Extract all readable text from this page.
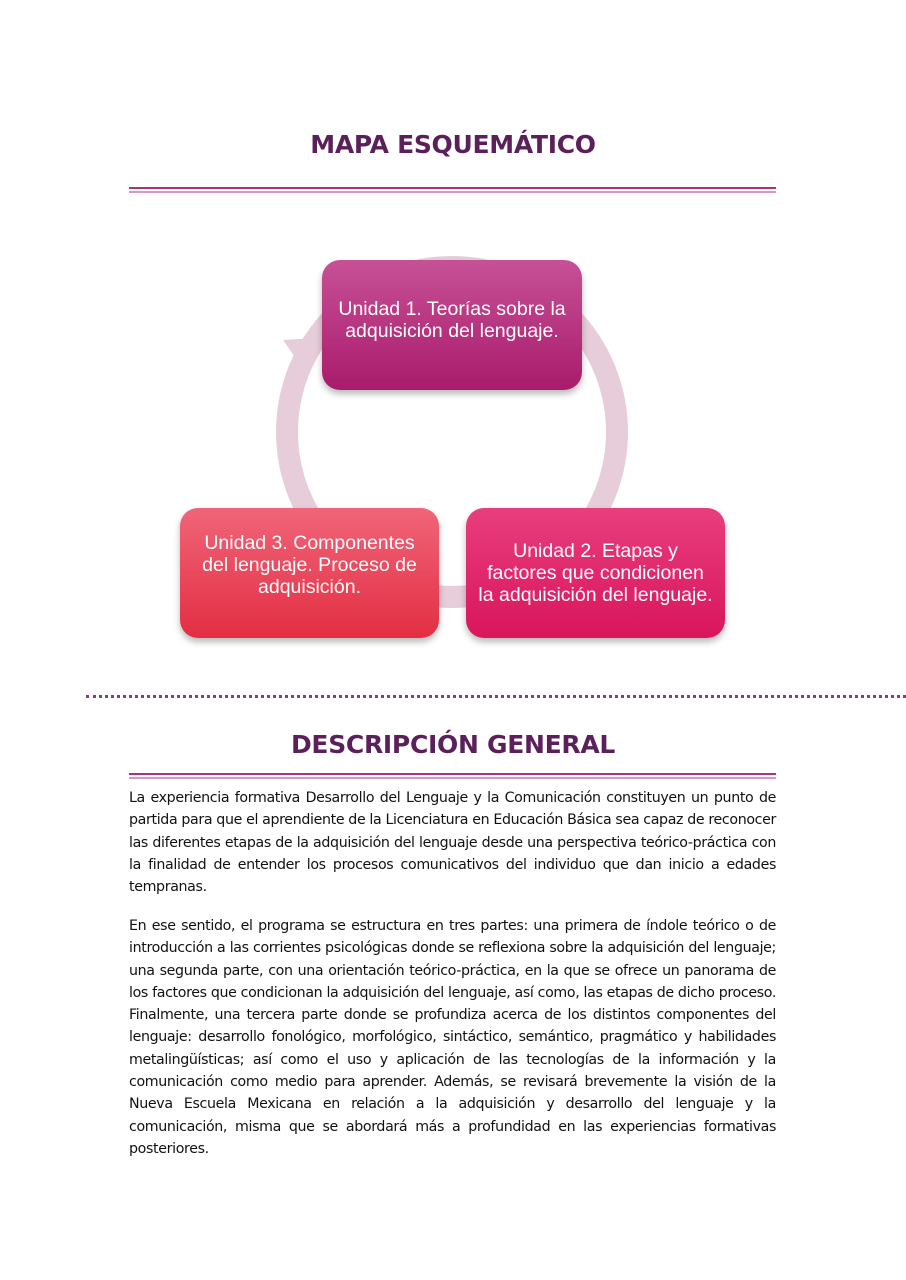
MAPA ESQUEMÁTICO
Unidad 1. Teorías sobre la adquisición del lenguaje.
Unidad 2. Etapas y factores que condicionen la adquisición del lenguaje.
Unidad 3. Componentes del lenguaje. Proceso de adquisición.
DESCRIPCIÓN GENERAL

La experiencia formativa Desarrollo del Lenguaje y la Comunicación constituyen un punto de partida para que el aprendiente de la Licenciatura en Educación Básica sea capaz de reconocer las diferentes etapas de la adquisición del lenguaje desde una perspectiva teórico-práctica con la finalidad de entender los procesos comunicativos del individuo que dan inicio a edades tempranas.

En ese sentido, el programa se estructura en tres partes: una primera de índole teórico o de introducción a las corrientes psicológicas donde se reflexiona sobre la adquisición del lenguaje; una segunda parte, con una orientación teórico-práctica, en la que se ofrece un panorama de los factores que condicionan la adquisición del lenguaje, así como, las etapas de dicho proceso. Finalmente, una tercera parte donde se profundiza acerca de los distintos componentes del lenguaje: desarrollo fonológico, morfológico, sintáctico, semántico, pragmático y habilidades metalingüísticas; así como el uso y aplicación de las tecnologías de la información y la comunicación como medio para aprender. Además, se revisará brevemente la visión de la Nueva Escuela Mexicana en relación a la adquisición y desarrollo del lenguaje y la comunicación, misma que se abordará más a profundidad en las experiencias formativas posteriores.
